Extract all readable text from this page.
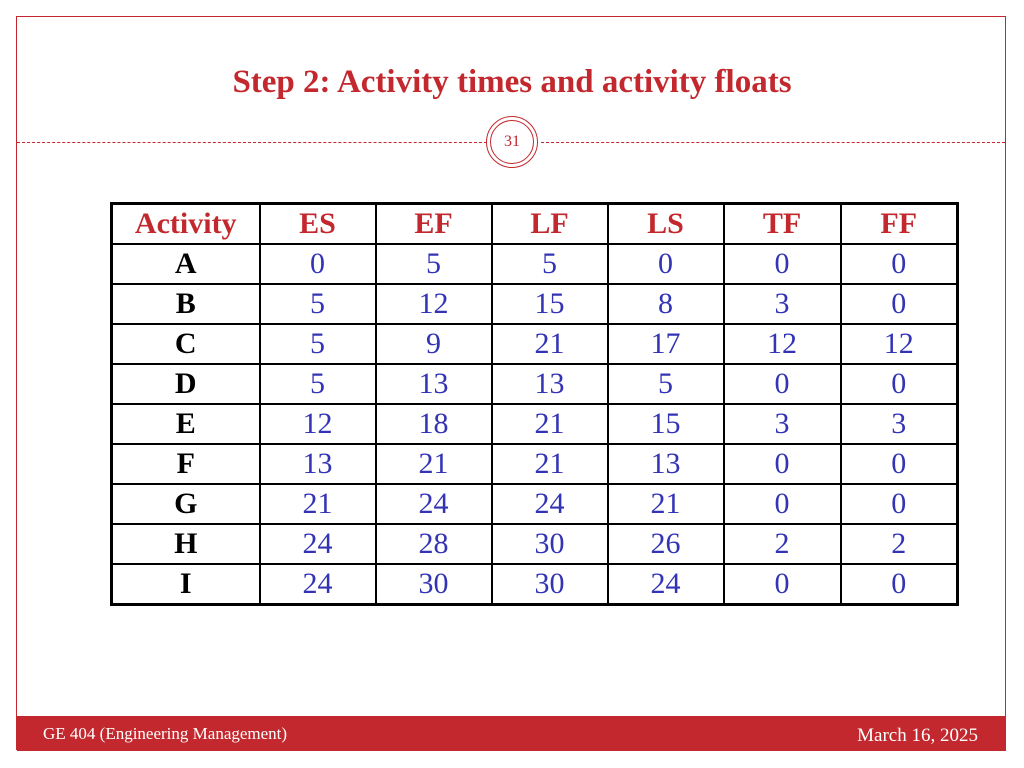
Step 2: Activity times and activity floats
31
Activity	ES	EF	LF	LS	TF	FF
A	0	5	5	0	0	0
B	5	12	15	8	3	0
C	5	9	21	17	12	12
D	5	13	13	5	0	0
E	12	18	21	15	3	3
F	13	21	21	13	0	0
G	21	24	24	21	0	0
H	24	28	30	26	2	2
I	24	30	30	24	0	0
GE 404 (Engineering Management)	March 16, 2025
